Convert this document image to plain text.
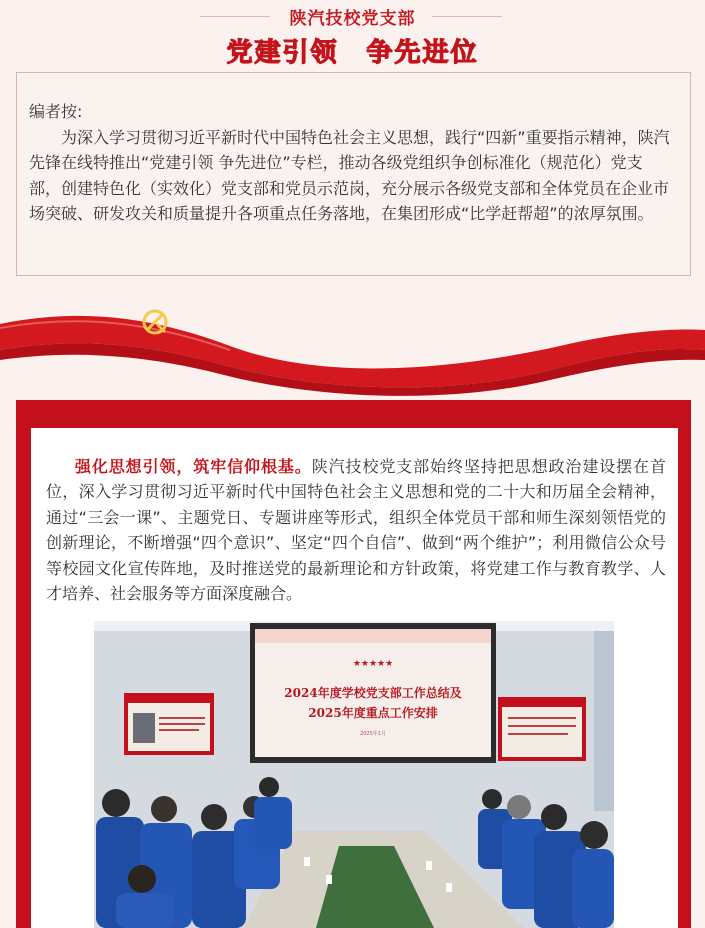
陕汽技校党支部
党建引领　争先进位
编者按:
为深入学习贯彻习近平新时代中国特色社会主义思想，践行“四新”重要指示精神，陕汽先锋在线特推出“党建引领 争先进位”专栏，推动各级党组织争创标准化（规范化）党支部，创建特色化（实效化）党支部和党员示范岗，充分展示各级党支部和全体党员在企业市场突破、研发攻关和质量提升各项重点任务落地，在集团形成“比学赶帮超”的浓厚氛围。
强化思想引领，筑牢信仰根基。陕汽技校党支部始终坚持把思想政治建设摆在首位，深入学习贯彻习近平新时代中国特色社会主义思想和党的二十大和历届全会精神，通过“三会一课”、主题党日、专题讲座等形式，组织全体党员干部和师生深刻领悟党的创新理论，不断增强“四个意识”、坚定“四个自信”、做到“两个维护”；利用微信公众号等校园文化宣传阵地，及时推送党的最新理论和方针政策，将党建工作与教育教学、人才培养、社会服务等方面深度融合。
★★★★★
2024年度学校党支部工作总结及
2025年度重点工作安排
2025年1月
